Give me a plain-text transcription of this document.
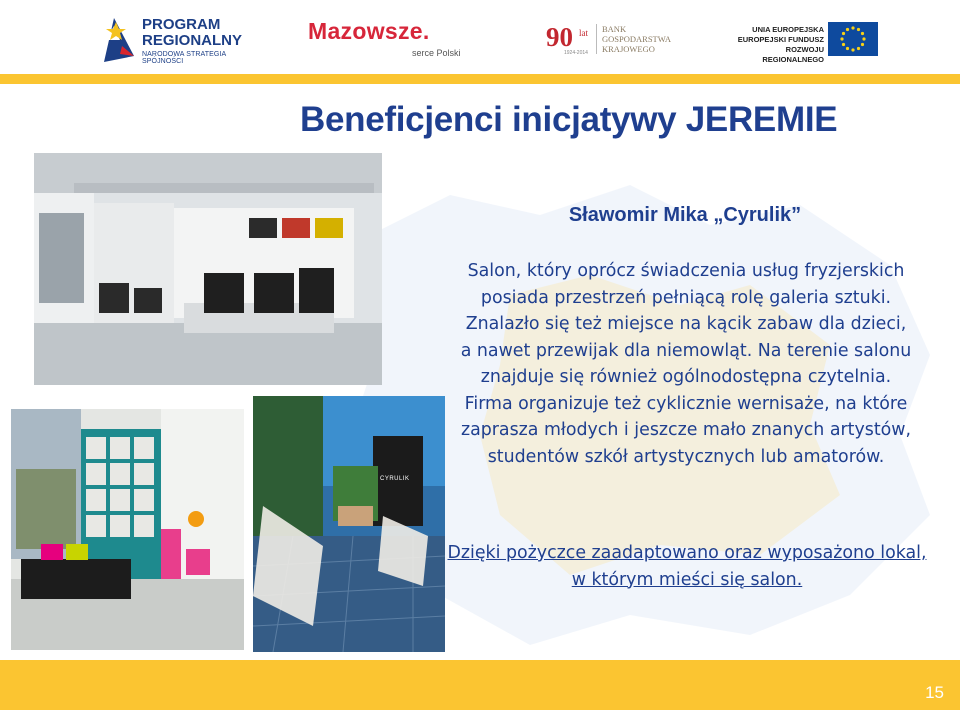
PROGRAM
REGIONALNY
NARODOWA STRATEGIA SPÓJNOŚCI
Mazowsze.
serce Polski
90 lat
1924-2014
BANK
GOSPODARSTWA
KRAJOWEGO
UNIA EUROPEJSKA
EUROPEJSKI FUNDUSZ
ROZWOJU REGIONALNEGO
Beneficjenci inicjatywy JEREMIE
CYRULIK
Sławomir Mika „Cyrulik”

Salon, który oprócz świadczenia usług fryzjerskich posiada przestrzeń pełniącą rolę galeria sztuki. Znalazło się też miejsce na kącik zabaw dla dzieci, a nawet przewijak dla niemowląt. Na terenie salonu znajduje się również ogólnodostępna czytelnia. Firma organizuje też cyklicznie wernisaże, na które zaprasza młodych i jeszcze mało znanych artystów, studentów szkół artystycznych lub amatorów.

Dzięki pożyczce zaadaptowano oraz wyposażono lokal, w którym mieści się salon.

15
